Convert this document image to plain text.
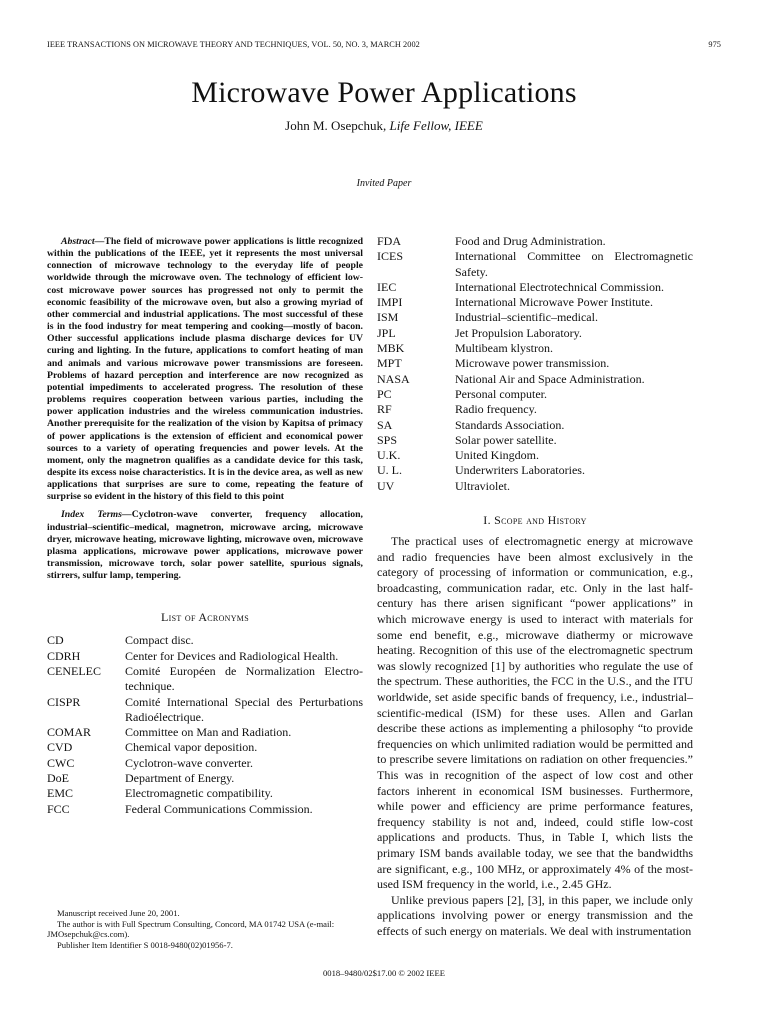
IEEE TRANSACTIONS ON MICROWAVE THEORY AND TECHNIQUES, VOL. 50, NO. 3, MARCH 2002	975
Microwave Power Applications
John M. Osepchuk, Life Fellow, IEEE
Invited Paper

Abstract—The field of microwave power applications is little recognized within the publications of the IEEE, yet it represents the most universal connection of microwave technology to the everyday life of people worldwide through the microwave oven. The technology of efficient low-cost microwave power sources has progressed not only to permit the economic feasibility of the microwave oven, but also a growing myriad of other commercial and industrial applications. The most successful of these is in the food industry for meat tempering and cooking—mostly of bacon. Other successful applications include plasma discharge devices for UV curing and lighting. In the future, applications to comfort heating of man and animals and various microwave power transmissions are foreseen. Problems of hazard perception and interference are now recognized as potential impediments to accelerated progress. The resolution of these problems requires cooperation between various parties, including the power application industries and the wireless communication industries. Another prerequisite for the realization of the vision by Kapitsa of primacy of power applications is the extension of efficient and economical power sources to a variety of operating frequencies and power levels. At the moment, only the magnetron qualifies as a candidate device for this task, despite its excess noise characteristics. It is in the device area, as well as new applications that surprises are sure to come, repeating the feature of surprise so evident in the history of this field to this point

Index Terms—Cyclotron-wave converter, frequency allocation, industrial–scientific–medical, magnetron, microwave arcing, microwave dryer, microwave heating, microwave lighting, microwave oven, microwave plasma applications, microwave power applications, microwave power transmission, microwave torch, solar power satellite, spurious signals, stirrers, sulfur lamp, tempering.

List of Acronyms

CD	Compact disc.
CDRH	Center for Devices and Radiological Health.
CENELEC	Comité Européen de Normalization Electro-technique.
CISPR	Comité International Special des Perturbations Radioélectrique.
COMAR	Committee on Man and Radiation.
CVD	Chemical vapor deposition.
CWC	Cyclotron-wave converter.
DoE	Department of Energy.
EMC	Electromagnetic compatibility.
FCC	Federal Communications Commission.
FDA	Food and Drug Administration.
ICES	International Committee on Electromagnetic Safety.
IEC	International Electrotechnical Commission.
IMPI	International Microwave Power Institute.
ISM	Industrial–scientific–medical.
JPL	Jet Propulsion Laboratory.
MBK	Multibeam klystron.
MPT	Microwave power transmission.
NASA	National Air and Space Administration.
PC	Personal computer.
RF	Radio frequency.
SA	Standards Association.
SPS	Solar power satellite.
U.K.	United Kingdom.
U. L.	Underwriters Laboratories.
UV	Ultraviolet.

I. Scope and History

The practical uses of electromagnetic energy at microwave and radio frequencies have been almost exclusively in the category of processing of information or communication, e.g., broadcasting, communication radar, etc. Only in the last half-century has there arisen significant “power applications” in which microwave energy is used to interact with materials for some end benefit, e.g., microwave diathermy or microwave heating. Recognition of this use of the electromagnetic spectrum was slowly recognized [1] by authorities who regulate the use of the spectrum. These authorities, the FCC in the U.S., and the ITU worldwide, set aside specific bands of frequency, i.e., industrial–scientific-medical (ISM) for these uses. Allen and Garlan describe these actions as implementing a philosophy “to provide frequencies on which unlimited radiation would be permitted and to prescribe severe limitations on radiation on other frequencies.” This was in recognition of the aspect of low cost and other factors inherent in economical ISM businesses. Furthermore, while power and efficiency are prime performance features, frequency stability is not and, indeed, could stifle low-cost applications and products. Thus, in Table I, which lists the primary ISM bands available today, we see that the bandwidths are significant, e.g., 100 MHz, or approximately 4% of the most-used ISM frequency in the world, i.e., 2.45 GHz.

Unlike previous papers [2], [3], in this paper, we include only applications involving power or energy transmission and the effects of such energy on materials. We deal with instrumentation

Manuscript received June 20, 2001.

The author is with Full Spectrum Consulting, Concord, MA 01742 USA (e-mail: JMOsepchuk@cs.com).

Publisher Item Identifier S 0018-9480(02)01956-7.

0018–9480/02$17.00 © 2002 IEEE
